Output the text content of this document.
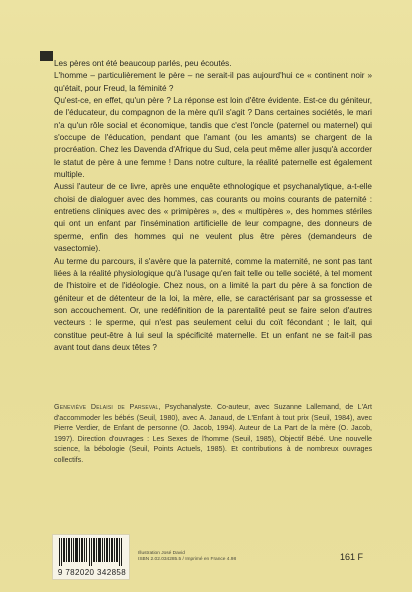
Les pères ont été beaucoup parlés, peu écoutés.

L'homme – particulièrement le père – ne serait-il pas aujourd'hui ce « continent noir » qu'était, pour Freud, la féminité ?

Qu'est-ce, en effet, qu'un père ? La réponse est loin d'être évidente. Est-ce du géniteur, de l'éducateur, du compagnon de la mère qu'il s'agit ? Dans certaines sociétés, le mari n'a qu'un rôle social et économique, tandis que c'est l'oncle (paternel ou maternel) qui s'occupe de l'éducation, pendant que l'amant (ou les amants) se chargent de la procréation. Chez les Davenda d'Afrique du Sud, cela peut même aller jusqu'à accorder le statut de père à une femme ! Dans notre culture, la réalité paternelle est également multiple.

Aussi l'auteur de ce livre, après une enquête ethnologique et psychanalytique, a-t-elle choisi de dialoguer avec des hommes, cas courants ou moins courants de paternité : entretiens cliniques avec des « primipères », des « multipères », des hommes stériles qui ont un enfant par l'insémination artificielle de leur compagne, des donneurs de sperme, enfin des hommes qui ne veulent plus être pères (demandeurs de vasectomie).

Au terme du parcours, il s'avère que la paternité, comme la maternité, ne sont pas tant liées à la réalité physiologique qu'à l'usage qu'en fait telle ou telle société, à tel moment de l'histoire et de l'idéologie. Chez nous, on a limité la part du père à sa fonction de géniteur et de détenteur de la loi, la mère, elle, se caractérisant par sa grossesse et son accouchement. Or, une redéfinition de la parentalité peut se faire selon d'autres vecteurs : le sperme, qui n'est pas seulement celui du coït fécondant ; le lait, qui constitue peut-être à lui seul la spécificité maternelle. Et un enfant ne se fait-il pas avant tout dans deux têtes ?

Geneviève Delaisi de Parseval, Psychanalyste. Co-auteur, avec Suzanne Lallemand, de L'Art d'accommoder les bébés (Seuil, 1980), avec A. Janaud, de L'Enfant à tout prix (Seuil, 1984), avec Pierre Verdier, de Enfant de personne (O. Jacob, 1994). Auteur de La Part de la mère (O. Jacob, 1997). Direction d'ouvrages : Les Sexes de l'homme (Seuil, 1985), Objectif Bébé. Une nouvelle science, la bébologie (Seuil, Points Actuels, 1985). Et contributions à de nombreux ouvrages collectifs.
9 782020 342858
Illustration José David
ISBN 2.02.034285.5 / Imprimé en France 4.98	161 F
